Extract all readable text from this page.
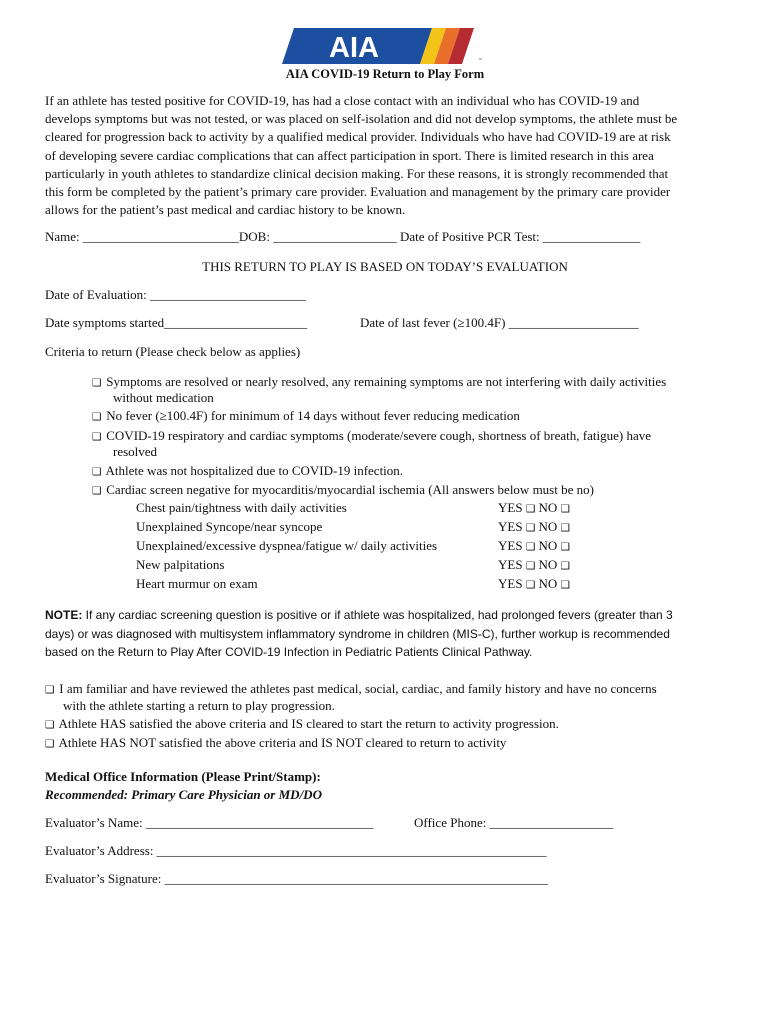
AIA	™
AIA COVID-19 Return to Play Form
If an athlete has tested positive for COVID-19, has had a close contact with an individual who has COVID-19 and
develops symptoms but was not tested, or was placed on self-isolation and did not develop symptoms, the athlete must be
cleared for progression back to activity by a qualified medical provider. Individuals who have had COVID-19 are at risk
of developing severe cardiac complications that can affect participation in sport. There is limited research in this area
particularly in youth athletes to standardize clinical decision making. For these reasons, it is strongly recommended that
this form be completed by the patient’s primary care provider. Evaluation and management by the primary care provider
allows for the patient’s past medical and cardiac history to be known.
Name: ________________________DOB: ___________________ Date of Positive PCR Test: _______________
THIS RETURN TO PLAY IS BASED ON TODAY’S EVALUATION
Date of Evaluation: ________________________
Date symptoms started______________________	Date of last fever (≥100.4F) ____________________
Criteria to return (Please check below as applies)
❑ Symptoms are resolved or nearly resolved, any remaining symptoms are not interfering with daily activities
without medication
❑ No fever (≥100.4F) for minimum of 14 days without fever reducing medication
❑ COVID-19 respiratory and cardiac symptoms (moderate/severe cough, shortness of breath, fatigue) have
resolved
❑ Athlete was not hospitalized due to COVID-19 infection.
❑ Cardiac screen negative for myocarditis/myocardial ischemia (All answers below must be no)
Chest pain/tightness with daily activities	YES ❑ NO ❑
Unexplained Syncope/near syncope	YES ❑ NO ❑
Unexplained/excessive dyspnea/fatigue w/ daily activities	YES ❑ NO ❑
New palpitations	YES ❑ NO ❑
Heart murmur on exam	YES ❑ NO ❑
NOTE: If any cardiac screening question is positive or if athlete was hospitalized, had prolonged fevers (greater than 3
days) or was diagnosed with multisystem inflammatory syndrome in children (MIS-C), further workup is recommended
based on the Return to Play After COVID-19 Infection in Pediatric Patients Clinical Pathway.
❑ I am familiar and have reviewed the athletes past medical, social, cardiac, and family history and have no concerns
with the athlete starting a return to play progression.
❑ Athlete HAS satisfied the above criteria and IS cleared to start the return to activity progression.
❑ Athlete HAS NOT satisfied the above criteria and IS NOT cleared to return to activity
Medical Office Information (Please Print/Stamp):
Recommended: Primary Care Physician or MD/DO
Evaluator’s Name: ___________________________________	Office Phone: ___________________
Evaluator’s Address: ____________________________________________________________
Evaluator’s Signature: ___________________________________________________________
